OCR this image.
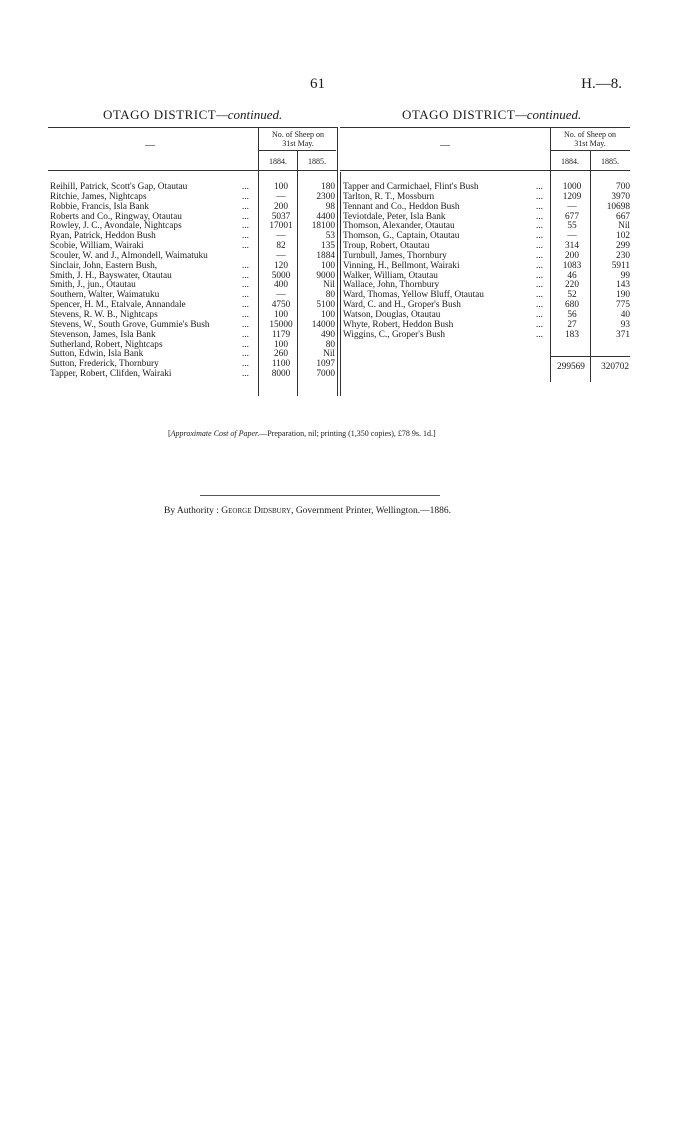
61	H.—8.
OTAGO DISTRICT—continued.	OTAGO DISTRICT—continued.
No. of Sheep on
31st May.
1884.	1885.
—
No. of Sheep on
31st May.
1884.	1885.
—
Reihill, Patrick, Scott's Gap, Otautau	...	100	180
Ritchie, James, Nightcaps	...	—	2300
Robbie, Francis, Isla Bank	...	200	98
Roberts and Co., Ringway, Otautau	...	5037	4400
Rowley, J. C., Avondale, Nightcaps	...	17001	18100
Ryan, Patrick, Heddon Bush	...	—	53
Scobie, William, Wairaki	...	82	135
Scouler, W. and J., Almondell, Waimatuku	—	1884
Sinclair, John, Eastern Bush,	...	120	100
Smith, J. H., Bayswater, Otautau	...	5000	9000
Smith, J., jun., Otautau	...	400	Nil
Southern, Walter, Waimatuku	...	—	80
Spencer, H. M., Etalvale, Annandale	...	4750	5100
Stevens, R. W. B., Nightcaps	...	100	100
Stevens, W., South Grove, Gummie's Bush	...	15000	14000
Stevenson, James, Isla Bank	...	1179	490
Sutherland, Robert, Nightcaps	...	100	80
Sutton, Edwin, Isla Bank	...	260	Nil
Sutton, Frederick, Thornbury	...	1100	1097
Tapper, Robert, Clifden, Wairaki	...	8000	7000
Tapper and Carmichael, Flint's Bush	...	1000	700
Tarlton, R. T., Mossburn	...	1209	3970
Tennant and Co., Heddon Bush	...	—	10698
Teviotdale, Peter, Isla Bank	...	677	667
Thomson, Alexander, Otautau	...	55	Nil
Thomson, G., Captain, Otautau	...	—	102
Troup, Robert, Otautau	...	314	299
Turnbull, James, Thornbury	...	200	230
Vinning, H., Bellmont, Wairaki	...	1083	5911
Walker, William, Otautau	...	46	99
Wallace, John, Thornbury	...	220	143
Ward, Thomas, Yellow Bluff, Otautau	...	52	190
Ward, C. and H., Groper's Bush	...	680	775
Watson, Douglas, Otautau	...	56	40
Whyte, Robert, Heddon Bush	...	27	93
Wiggins, C., Groper's Bush	...	183	371
299569	320702
[Approximate Cost of Paper.—Preparation, nil; printing (1,350 copies), £78 9s. 1d.]
By Authority : George Didsbury, Government Printer, Wellington.—1886.
